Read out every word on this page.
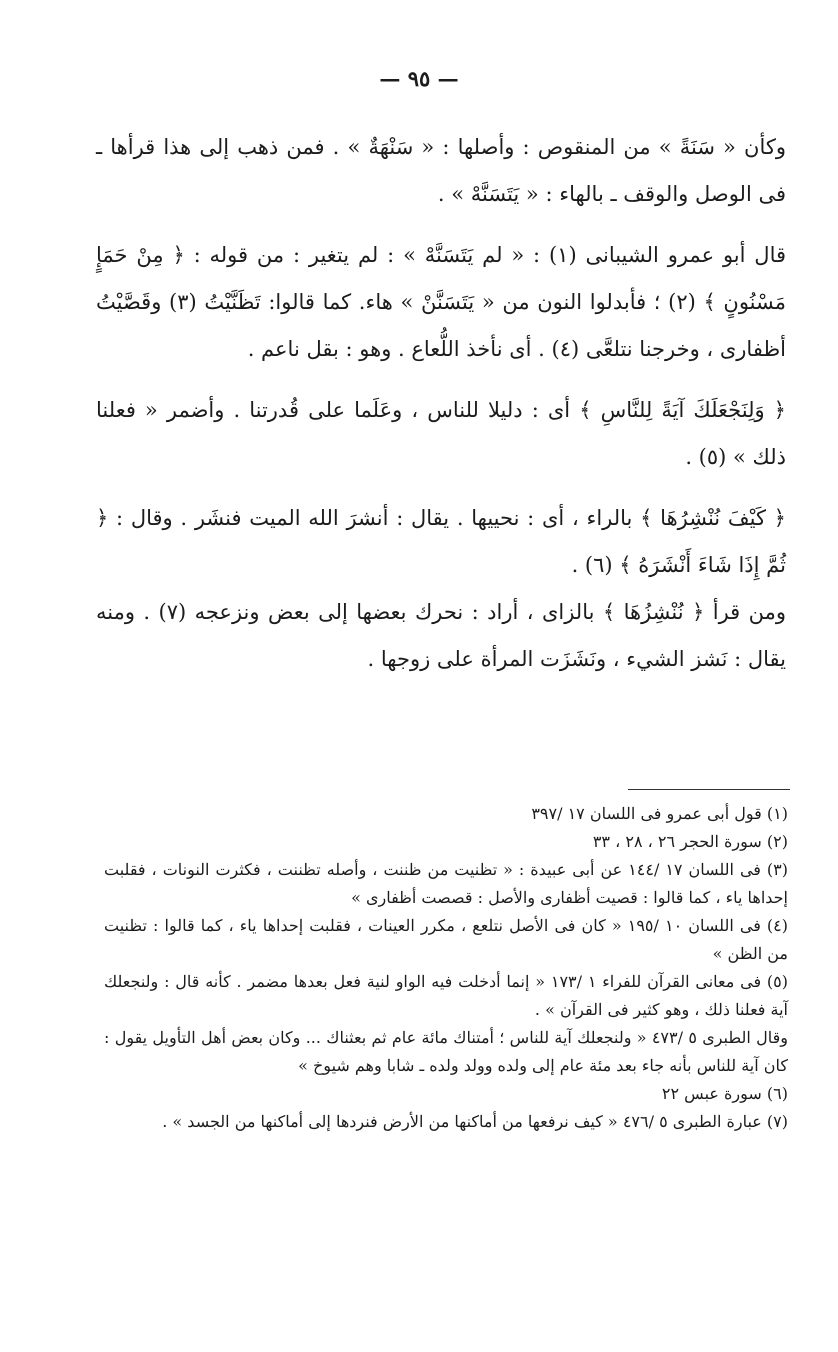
— ٩٥ —

وكأن « سَنَةً » من المنقوص : وأصلها : « سَنْهَةٌ » . فمن ذهب إلى هذا قرأها ـ فى الوصل والوقف ـ بالهاء : « يَتَسَنَّهْ » .

قال أبو عمرو الشيبانى (١) : « لم يَتَسَنَّهْ » : لم يتغير : من قوله : ﴿ مِنْ حَمَإٍ مَسْنُونٍ ﴾ (٢) ؛ فأبدلوا النون من « يَتَسَنَّنْ » هاء. كما قالوا: تَظَنَّيْتُ (٣) وقَصَّيْتُ أظفارى ، وخرجنا نتلعَّى (٤) . أى نأخذ اللُّعاع . وهو : بقل ناعم .

﴿ وَلِنَجْعَلَكَ آيَةً لِلنَّاسِ ﴾ أى : دليلا للناس ، وعَلَما على قُدرتنا . وأضمر « فعلنا ذلك » (٥) .

﴿ كَيْفَ نُنْشِرُهَا ﴾ بالراء ، أى : نحييها . يقال : أنشرَ الله الميت فنشَر . وقال : ﴿ ثُمَّ إِذَا شَاءَ أَنْشَرَهُ ﴾ (٦) .

ومن قرأ ﴿ نُنْشِزُهَا ﴾ بالزاى ، أراد : نحرك بعضها إلى بعض ونزعجه (٧) . ومنه يقال : نَشز الشيء ، ونَشَزَت المرأة على زوجها .

(١) قول أبى عمرو فى اللسان ١٧ /٣٩٧

(٢) سورة الحجر ٢٦ ، ٢٨ ، ٣٣

(٣) فى اللسان ١٧ /١٤٤ عن أبى عبيدة : « تظنيت من ظننت ، وأصله تظننت ، فكثرت النونات ، فقلبت إحداها ياء ، كما قالوا : قصيت أظفارى والأصل : قصصت أظفارى »

(٤) فى اللسان ١٠ /١٩٥ « كان فى الأصل نتلعع ، مكرر العينات ، فقلبت إحداها ياء ، كما قالوا : تظنيت من الظن »

(٥) فى معانى القرآن للفراء ١ /١٧٣ « إنما أدخلت فيه الواو لنية فعل بعدها مضمر . كأنه قال : ولنجعلك آية فعلنا ذلك ، وهو كثير فى القرآن » .

وقال الطبرى ٥ /٤٧٣ « ولنجعلك آية للناس ؛ أمتناك مائة عام ثم بعثناك ... وكان بعض أهل التأويل يقول : كان آية للناس بأنه جاء بعد مئة عام إلى ولده وولد ولده ـ شابا وهم شيوخ »

(٦) سورة عبس ٢٢

(٧) عبارة الطبرى ٥ /٤٧٦ « كيف نرفعها من أماكنها من الأرض فنردها إلى أماكنها من الجسد » .
